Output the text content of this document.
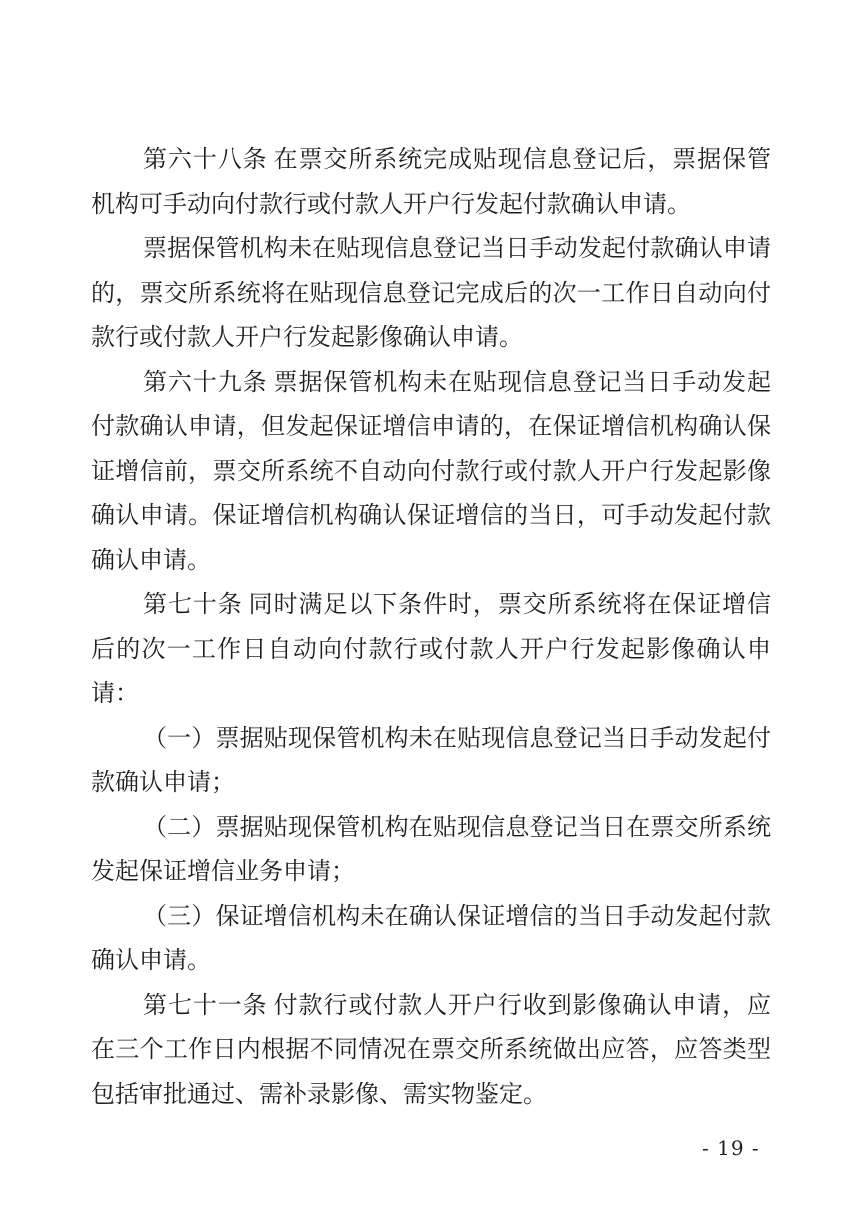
第六十八条 在票交所系统完成贴现信息登记后，票据保管机构可手动向付款行或付款人开户行发起付款确认申请。

票据保管机构未在贴现信息登记当日手动发起付款确认申请的，票交所系统将在贴现信息登记完成后的次一工作日自动向付款行或付款人开户行发起影像确认申请。

第六十九条 票据保管机构未在贴现信息登记当日手动发起付款确认申请，但发起保证增信申请的，在保证增信机构确认保证增信前，票交所系统不自动向付款行或付款人开户行发起影像确认申请。保证增信机构确认保证增信的当日，可手动发起付款确认申请。

第七十条 同时满足以下条件时，票交所系统将在保证增信后的次一工作日自动向付款行或付款人开户行发起影像确认申请：

（一）票据贴现保管机构未在贴现信息登记当日手动发起付款确认申请；

（二）票据贴现保管机构在贴现信息登记当日在票交所系统发起保证增信业务申请；

（三）保证增信机构未在确认保证增信的当日手动发起付款确认申请。

第七十一条 付款行或付款人开户行收到影像确认申请，应在三个工作日内根据不同情况在票交所系统做出应答，应答类型包括审批通过、需补录影像、需实物鉴定。

- 19 -
